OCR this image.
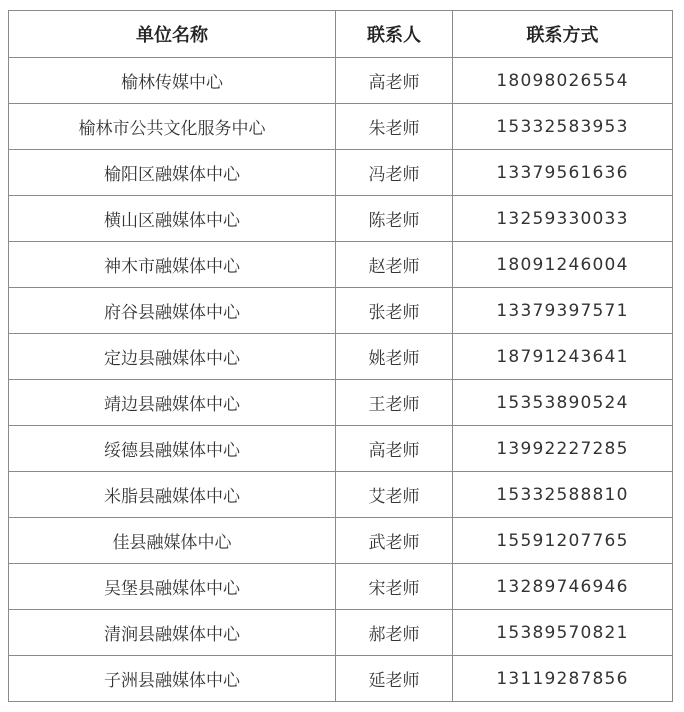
单位名称	联系人	联系方式
榆林传媒中心	高老师	18098026554
榆林市公共文化服务中心	朱老师	15332583953
榆阳区融媒体中心	冯老师	13379561636
横山区融媒体中心	陈老师	13259330033
神木市融媒体中心	赵老师	18091246004
府谷县融媒体中心	张老师	13379397571
定边县融媒体中心	姚老师	18791243641
靖边县融媒体中心	王老师	15353890524
绥德县融媒体中心	高老师	13992227285
米脂县融媒体中心	艾老师	15332588810
佳县融媒体中心	武老师	15591207765
吴堡县融媒体中心	宋老师	13289746946
清涧县融媒体中心	郝老师	15389570821
子洲县融媒体中心	延老师	13119287856
